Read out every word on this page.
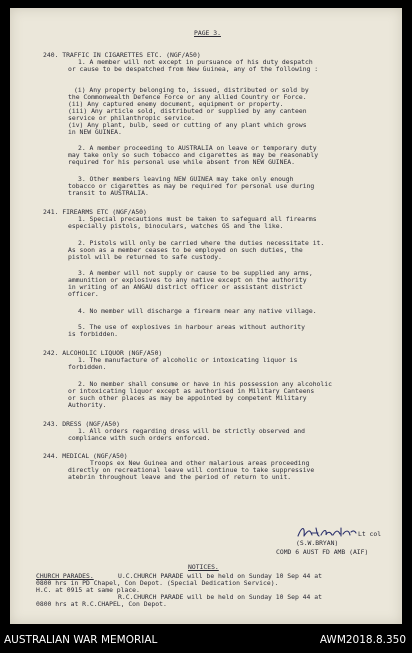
PAGE 3.
240. TRAFFIC IN CIGARETTES ETC. (NGF/A50)
1. A member will not except in pursuance of his duty despatch
or cause to be despatched from New Guinea, any of the following :
(i) Any property belonging to, issued, distributed or sold by
the Commonwealth Defence Force or any allied Country or Force.
(ii) Any captured enemy document, equipment or property.
(iii) Any article sold, distributed or supplied by any canteen
service or philanthropic service.
(iv) Any plant, bulb, seed or cutting of any plant which grows
in NEW GUINEA.
2. A member proceeding to AUSTRALIA on leave or temporary duty
may take only so such tobacco and cigarettes as may be reasonably
required for his personal use while absent from NEW GUINEA.
3. Other members leaving NEW GUINEA may take only enough
tobacco or cigarettes as may be required for personal use during
transit to AUSTRALIA.
241. FIREARMS ETC (NGF/A50)
1. Special precautions must be taken to safeguard all firearms
especially pistols, binoculars, watches GS and the like.
2. Pistols will only be carried where the duties necessitate it.
As soon as a member ceases to be employed on such duties, the
pistol will be returned to safe custody.
3. A member will not supply or cause to be supplied any arms,
ammunition or explosives to any native except on the authority
in writing of an ANGAU district officer or assistant district
officer.
4. No member will discharge a firearm near any native village.
5. The use of explosives in harbour areas without authority
is forbidden.
242. ALCOHOLIC LIQUOR (NGF/A50)
1. The manufacture of alcoholic or intoxicating liquor is
forbidden.
2. No member shall consume or have in his possession any alcoholic
or intoxicating liquor except as authorised in Military Canteens
or such other places as may be appointed by competent Military
Authority.
243. DRESS (NGF/A50)
1. All orders regarding dress will be strictly observed and
compliance with such orders enforced.
244. MEDICAL (NGF/A50)
Troops ex New Guinea and other malarious areas proceeding
directly on recreational leave will continue to take suppressive
atebrin throughout leave and the period of return to unit.
Lt col
(S.W.BRYAN)
COMD 6 AUST FD AMB (AIF)
NOTICES.
CHURCH PARADES.	U.C.CHURCH PARADE will be held on Sunday 10 Sep 44 at
0800 hrs in PD Chapel, Con Depot. (Special Dedication Service).
H.C. at 0915 at same place.
R.C.CHURCH PARADE will be held on Sunday 10 Sep 44 at
0800 hrs at R.C.CHAPEL, Con Depot.
AUSTRALIAN WAR MEMORIAL	AWM2018.8.350
